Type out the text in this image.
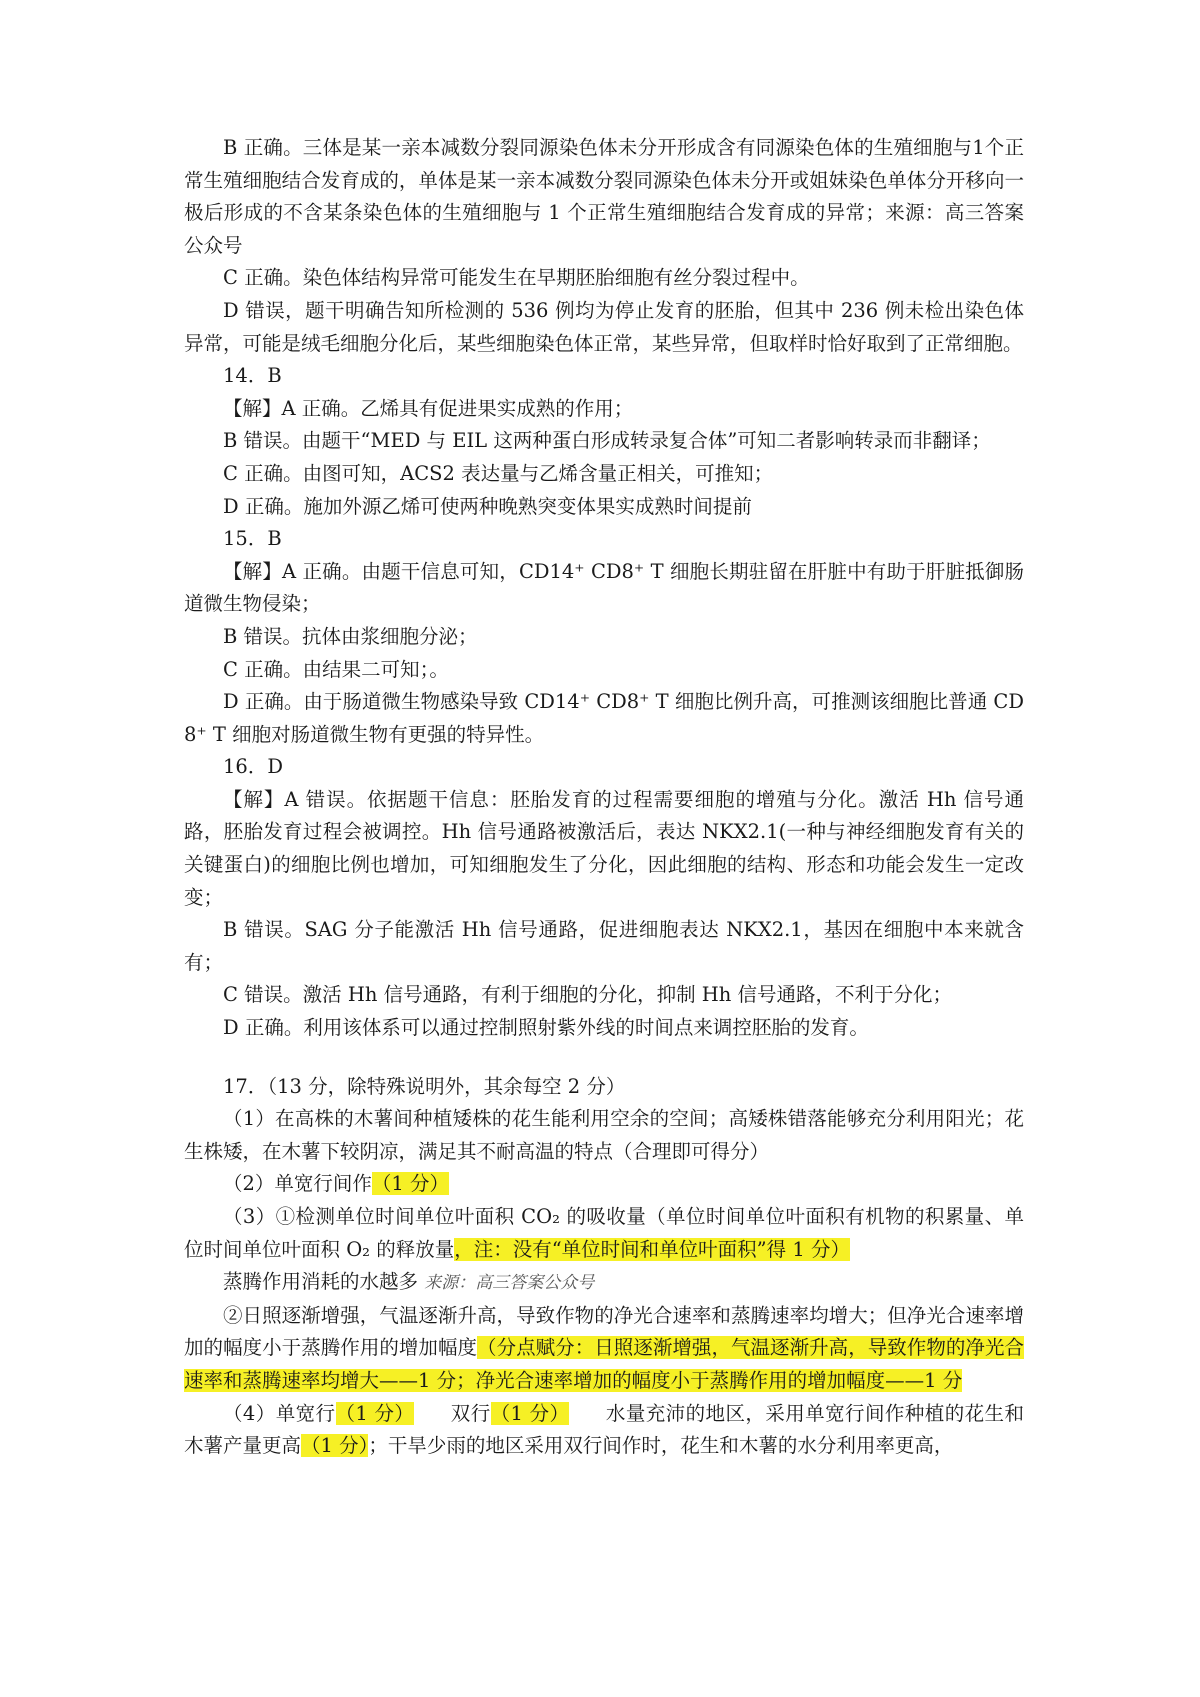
B 正确。三体是某一亲本减数分裂同源染色体未分开形成含有同源染色体的生殖细胞与1个正常生殖细胞结合发育成的，单体是某一亲本减数分裂同源染色体未分开或姐妹染色单体分开移向一极后形成的不含某条染色体的生殖细胞与 1 个正常生殖细胞结合发育成的异常；来源：高三答案公众号

C 正确。染色体结构异常可能发生在早期胚胎细胞有丝分裂过程中。

D 错误，题干明确告知所检测的 536 例均为停止发育的胚胎，但其中 236 例未检出染色体异常，可能是绒毛细胞分化后，某些细胞染色体正常，某些异常，但取样时恰好取到了正常细胞。

14．B

【解】A 正确。乙烯具有促进果实成熟的作用；

B 错误。由题干“MED 与 EIL 这两种蛋白形成转录复合体”可知二者影响转录而非翻译；

C 正确。由图可知，ACS2 表达量与乙烯含量正相关，可推知；

D 正确。施加外源乙烯可使两种晚熟突变体果实成熟时间提前

15．B

【解】A 正确。由题干信息可知，CD14⁺ CD8⁺ T 细胞长期驻留在肝脏中有助于肝脏抵御肠道微生物侵染；

B 错误。抗体由浆细胞分泌；

C 正确。由结果二可知；。

D 正确。由于肠道微生物感染导致 CD14⁺ CD8⁺ T 细胞比例升高，可推测该细胞比普通 CD8⁺ T 细胞对肠道微生物有更强的特异性。

16．D

【解】A 错误。依据题干信息：胚胎发育的过程需要细胞的增殖与分化。激活 Hh 信号通路，胚胎发育过程会被调控。Hh 信号通路被激活后，表达 NKX2.1(一种与神经细胞发育有关的关键蛋白)的细胞比例也增加，可知细胞发生了分化，因此细胞的结构、形态和功能会发生一定改变；

B 错误。SAG 分子能激活 Hh 信号通路，促进细胞表达 NKX2.1，基因在细胞中本来就含有；

C 错误。激活 Hh 信号通路，有利于细胞的分化，抑制 Hh 信号通路，不利于分化；

D 正确。利用该体系可以通过控制照射紫外线的时间点来调控胚胎的发育。

17．（13 分，除特殊说明外，其余每空 2 分）

（1）在高株的木薯间种植矮株的花生能利用空余的空间；高矮株错落能够充分利用阳光；花生株矮，在木薯下较阴凉，满足其不耐高温的特点（合理即可得分）

（2）单宽行间作（1 分）

（3）①检测单位时间单位叶面积 CO₂ 的吸收量（单位时间单位叶面积有机物的积累量、单位时间单位叶面积 O₂ 的释放量，注：没有“单位时间和单位叶面积”得 1 分）

蒸腾作用消耗的水越多 来源：高三答案公众号

②日照逐渐增强，气温逐渐升高，导致作物的净光合速率和蒸腾速率均增大；但净光合速率增加的幅度小于蒸腾作用的增加幅度（分点赋分：日照逐渐增强，气温逐渐升高，导致作物的净光合速率和蒸腾速率均增大——1 分；净光合速率增加的幅度小于蒸腾作用的增加幅度——1 分

（4）单宽行（1 分） 双行（1 分） 水量充沛的地区，采用单宽行间作种植的花生和木薯产量更高（1 分）；干旱少雨的地区采用双行间作时，花生和木薯的水分利用率更高，
